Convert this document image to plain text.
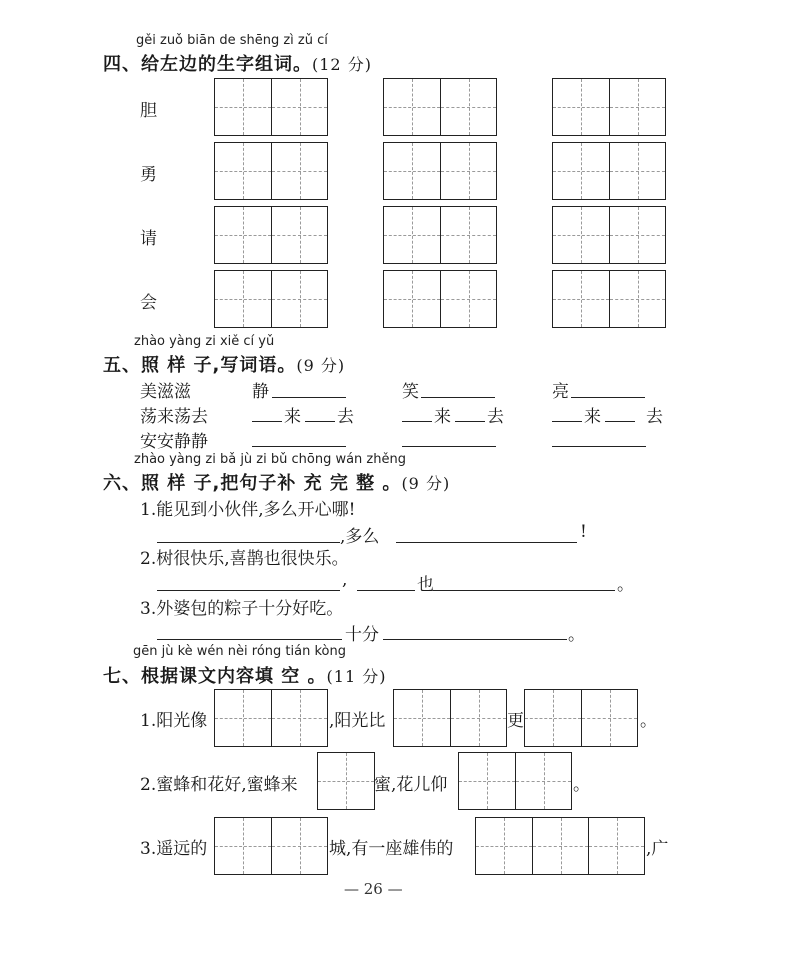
gěi zuǒ biān de shēng zì zǔ cí
四、给左边的生字组词。(12 分)
胆
勇
请
会
zhào yàng zi xiě cí yǔ
五、照 样 子,写词语。(9 分)
美滋滋	静	笑	亮
荡来荡去	来 去	来 去	来	去
安安静静
zhào yàng zi bǎ jù zi bǔ chōng wán zhěng
六、照 样 子,把句子补 充 完 整 。(9 分)
1.能见到小伙伴,多么开心哪!
,多么	!
2.树很快乐,喜鹊也很快乐。
,	也	。
3.外婆包的粽子十分好吃。
十分	。
gēn jù kè wén nèi róng tián kòng
七、根据课文内容填 空 。(11 分)
1.阳光像	,阳光比	更	。
2.蜜蜂和花好,蜜蜂来	蜜,花儿仰	。
3.遥远的	城,有一座雄伟的	,广
— 26 —
